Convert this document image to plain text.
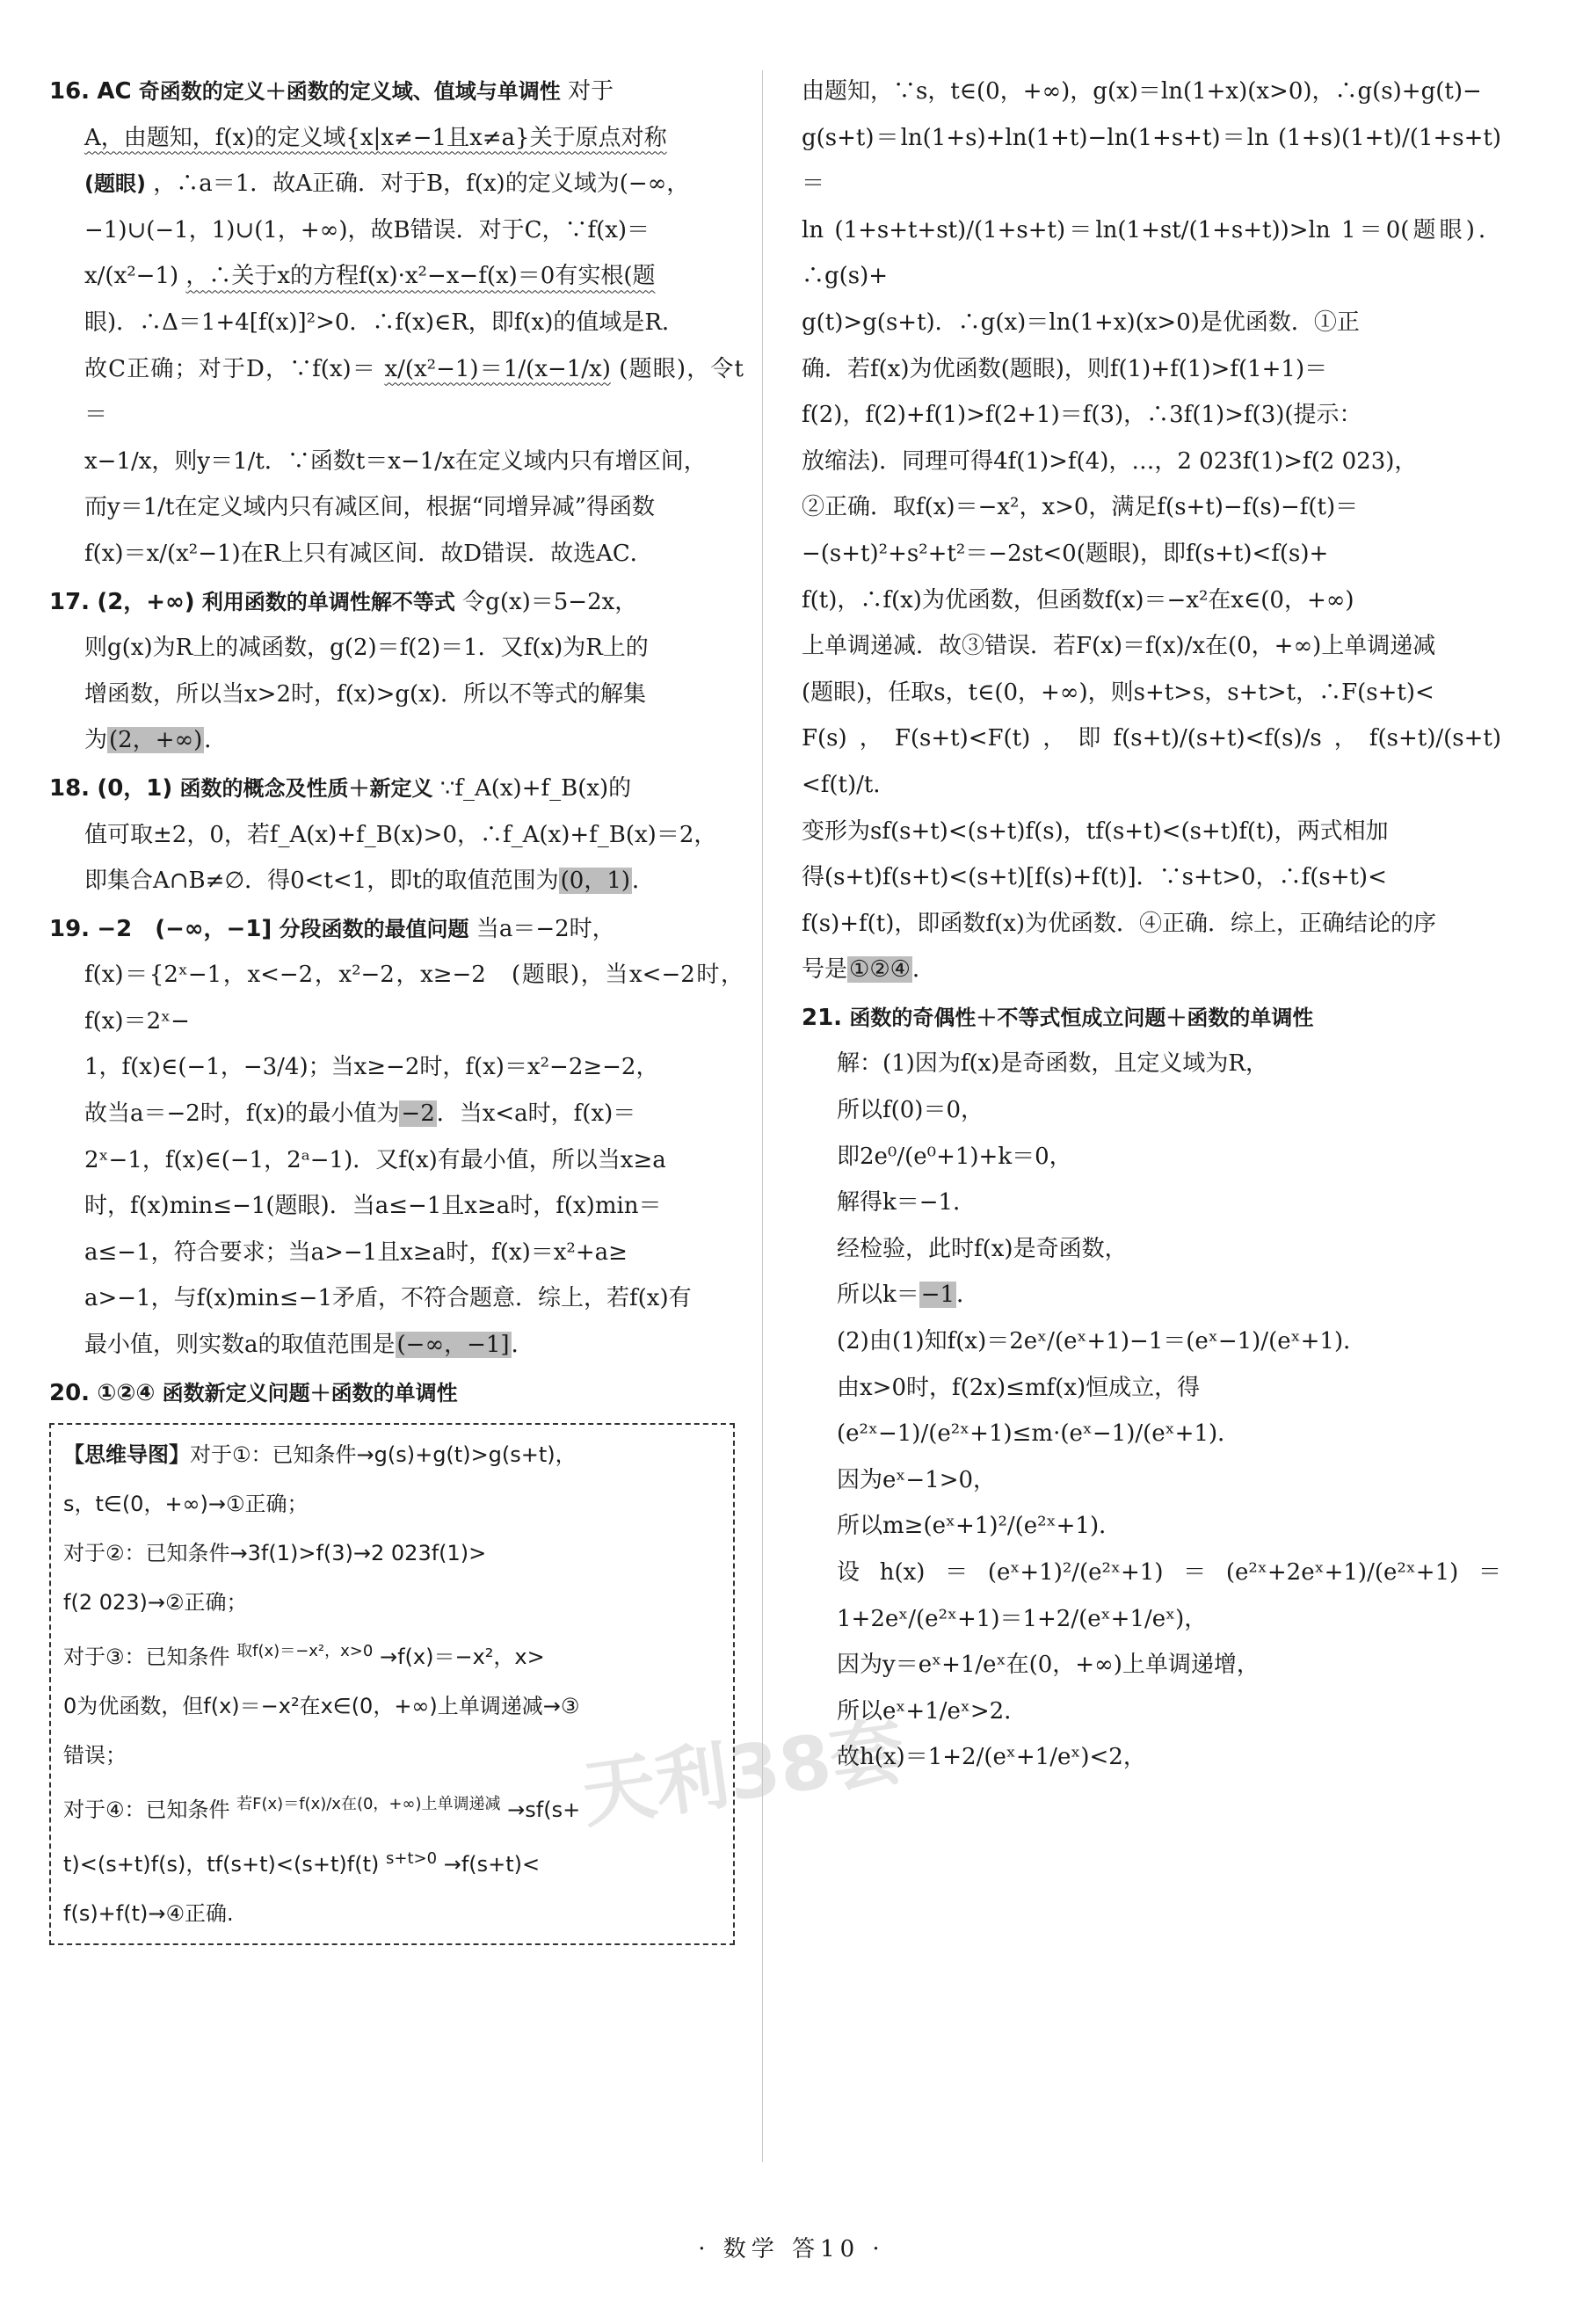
天利38套
16. AC 奇函数的定义＋函数的定义域、值域与单调性 对于
A，由题知，f(x)的定义域{x|x≠−1且x≠a}关于原点对称
(题眼) ，∴a＝1．故A正确．对于B，f(x)的定义域为(−∞，
−1)∪(−1，1)∪(1，+∞)，故B错误．对于C，∵f(x)＝
x/(x²−1) ，∴关于x的方程f(x)·x²−x−f(x)＝0有实根(题
眼)．∴Δ＝1+4[f(x)]²>0．∴f(x)∈R，即f(x)的值域是R．
故C正确；对于D，∵f(x)＝ x/(x²−1)＝1/(x−1/x) (题眼)，令t＝
x−1/x，则y＝1/t．∵函数t＝x−1/x在定义域内只有增区间，
而y＝1/t在定义域内只有减区间，根据“同增异减”得函数
f(x)＝x/(x²−1)在R上只有减区间．故D错误．故选AC．
17. (2，+∞) 利用函数的单调性解不等式 令g(x)＝5−2x，
则g(x)为R上的减函数，g(2)＝f(2)＝1．又f(x)为R上的
增函数，所以当x>2时，f(x)>g(x)．所以不等式的解集
为(2，+∞)．
18. (0，1) 函数的概念及性质＋新定义 ∵f_A(x)+f_B(x)的
值可取±2，0，若f_A(x)+f_B(x)>0，∴f_A(x)+f_B(x)＝2，
即集合A∩B≠∅．得0<t<1，即t的取值范围为(0，1)．
19. −2　(−∞，−1] 分段函数的最值问题 当a＝−2时，
f(x)＝{2ˣ−1，x<−2，x²−2，x≥−2　(题眼)，当x<−2时，f(x)＝2ˣ−
1，f(x)∈(−1，−3/4)；当x≥−2时，f(x)＝x²−2≥−2，
故当a＝−2时，f(x)的最小值为−2．当x<a时，f(x)＝
2ˣ−1，f(x)∈(−1，2ᵃ−1)．又f(x)有最小值，所以当x≥a
时，f(x)min≤−1(题眼)．当a≤−1且x≥a时，f(x)min＝
a≤−1，符合要求；当a>−1且x≥a时，f(x)＝x²+a≥
a>−1，与f(x)min≤−1矛盾，不符合题意．综上，若f(x)有
最小值，则实数a的取值范围是(−∞，−1]．
20. ①②④ 函数新定义问题＋函数的单调性
【思维导图】对于①：已知条件→g(s)+g(t)>g(s+t)，
s，t∈(0，+∞)→①正确；
对于②：已知条件→3f(1)>f(3)→2 023f(1)>
f(2 023)→②正确；
对于③：已知条件 $^{取f(x)=-x^2,x>0}$ →f(x)＝−x²，x>
0为优函数，但f(x)＝−x²在x∈(0，+∞)上单调递减→③
错误；
对于④：已知条件 $^{若F(x)=f(x)/x在(0,+\infty)上单调递减}$ →sf(s+
t)<(s+t)f(s)，tf(s+t)<(s+t)f(t) $^{s+t>0}$ →f(s+t)<
f(s)+f(t)→④正确.
由题知，∵s，t∈(0，+∞)，g(x)＝ln(1+x)(x>0)，∴g(s)+g(t)−
g(s+t)＝ln(1+s)+ln(1+t)−ln(1+s+t)＝ln (1+s)(1+t)/(1+s+t)＝
ln (1+s+t+st)/(1+s+t)＝ln(1+st/(1+s+t))>ln 1＝0(题眼)．∴g(s)+
g(t)>g(s+t)．∴g(x)＝ln(1+x)(x>0)是优函数．①正
确．若f(x)为优函数(题眼)，则f(1)+f(1)>f(1+1)＝
f(2)，f(2)+f(1)>f(2+1)＝f(3)，∴3f(1)>f(3)(提示：
放缩法)．同理可得4f(1)>f(4)，…，2 023f(1)>f(2 023)，
②正确．取f(x)＝−x²，x>0，满足f(s+t)−f(s)−f(t)＝
−(s+t)²+s²+t²＝−2st<0(题眼)，即f(s+t)<f(s)+
f(t)，∴f(x)为优函数，但函数f(x)＝−x²在x∈(0，+∞)
上单调递减．故③错误．若F(x)＝f(x)/x在(0，+∞)上单调递减
(题眼)，任取s，t∈(0，+∞)，则s+t>s，s+t>t，∴F(s+t)<
F(s)，F(s+t)<F(t)，即f(s+t)/(s+t)<f(s)/s，f(s+t)/(s+t)<f(t)/t．
变形为sf(s+t)<(s+t)f(s)，tf(s+t)<(s+t)f(t)，两式相加
得(s+t)f(s+t)<(s+t)[f(s)+f(t)]．∵s+t>0，∴f(s+t)<
f(s)+f(t)，即函数f(x)为优函数．④正确．综上，正确结论的序
号是①②④．
21. 函数的奇偶性＋不等式恒成立问题＋函数的单调性
解：(1)因为f(x)是奇函数，且定义域为R，
所以f(0)＝0，
即2e⁰/(e⁰+1)+k＝0，
解得k＝−1．
经检验，此时f(x)是奇函数，
所以k＝−1．
(2)由(1)知f(x)＝2eˣ/(eˣ+1)−1＝(eˣ−1)/(eˣ+1)．
由x>0时，f(2x)≤mf(x)恒成立，得
(e²ˣ−1)/(e²ˣ+1)≤m·(eˣ−1)/(eˣ+1)．
因为eˣ−1>0，
所以m≥(eˣ+1)²/(e²ˣ+1)．
设h(x)＝(eˣ+1)²/(e²ˣ+1)＝(e²ˣ+2eˣ+1)/(e²ˣ+1)＝1+2eˣ/(e²ˣ+1)＝1+2/(eˣ+1/eˣ)，
因为y＝eˣ+1/eˣ在(0，+∞)上单调递增，
所以eˣ+1/eˣ>2．
故h(x)＝1+2/(eˣ+1/eˣ)<2，
· 数学 答10 ·
